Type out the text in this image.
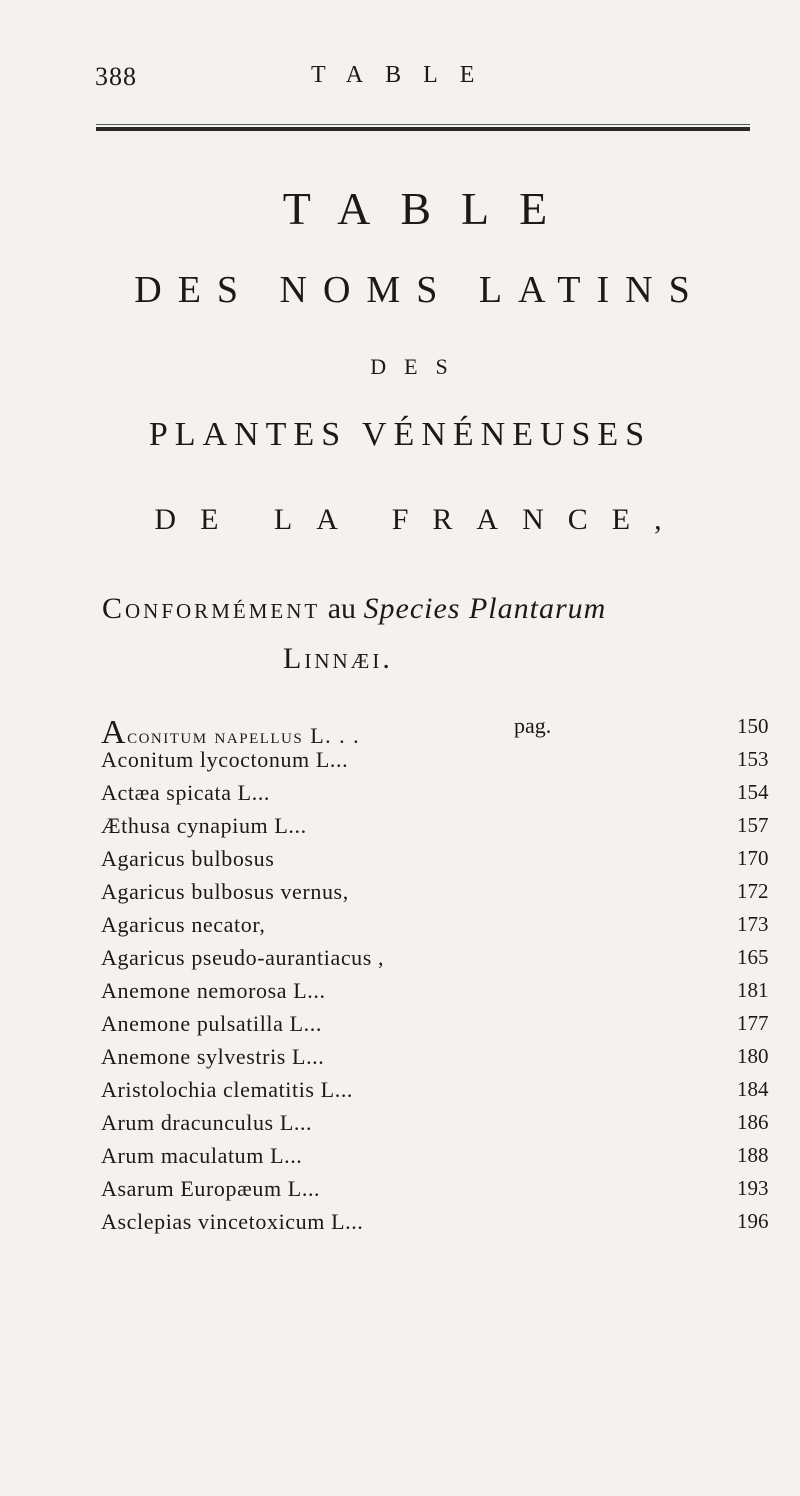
388	TABLE
TABLE
DES NOMS LATINS
DES
PLANTES VÉNÉNEUSES
DE LA FRANCE,
Conformément au Species Plantarum
Linnæi.
Aconitum napellus L. . .	pag.	150
Aconitum lycoctonum L...	153
Actæa spicata L...	154
Æthusa cynapium L...	157
Agaricus bulbosus	170
Agaricus bulbosus vernus,	172
Agaricus necator,	173
Agaricus pseudo-aurantiacus ,	165
Anemone nemorosa L...	181
Anemone pulsatilla L...	177
Anemone sylvestris L...	180
Aristolochia clematitis L...	184
Arum dracunculus L...	186
Arum maculatum L...	188
Asarum Europæum L...	193
Asclepias vincetoxicum L...	196
